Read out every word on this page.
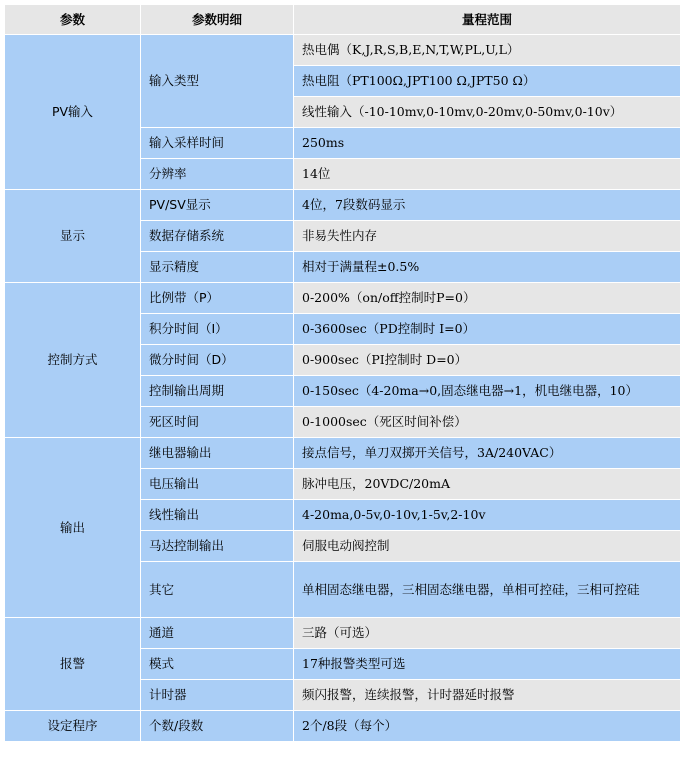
参数	参数明细	量程范围
PV输入	输入类型	热电偶（K,J,R,S,B,E,N,T,W,PL,U,L）
		热电阻（PT100Ω,JPT100 Ω,JPT50 Ω）
		线性输入（-10-10mv,0-10mv,0-20mv,0-50mv,0-10v）
	输入采样时间	250ms
	分辨率	14位
显示	PV/SV显示	4位，7段数码显示
	数据存储系统	非易失性内存
	显示精度	相对于满量程±0.5%
控制方式	比例带（P）	0-200%（on/off控制时P=0）
	积分时间（I）	0-3600sec（PD控制时 I=0）
	微分时间（D）	0-900sec（PI控制时 D=0）
	控制输出周期	0-150sec（4-20ma→0,固态继电器→1，机电继电器，10）
	死区时间	0-1000sec（死区时间补偿）
输出	继电器输出	接点信号，单刀双掷开关信号，3A/240VAC）
	电压输出	脉冲电压，20VDC/20mA
	线性输出	4-20ma,0-5v,0-10v,1-5v,2-10v
	马达控制输出	伺服电动阀控制
	其它	单相固态继电器，三相固态继电器，单相可控硅，三相可控硅
报警	通道	三路（可选）
	模式	17种报警类型可选
	计时器	频闪报警，连续报警，计时器延时报警
设定程序	个数/段数	2个/8段（每个）
